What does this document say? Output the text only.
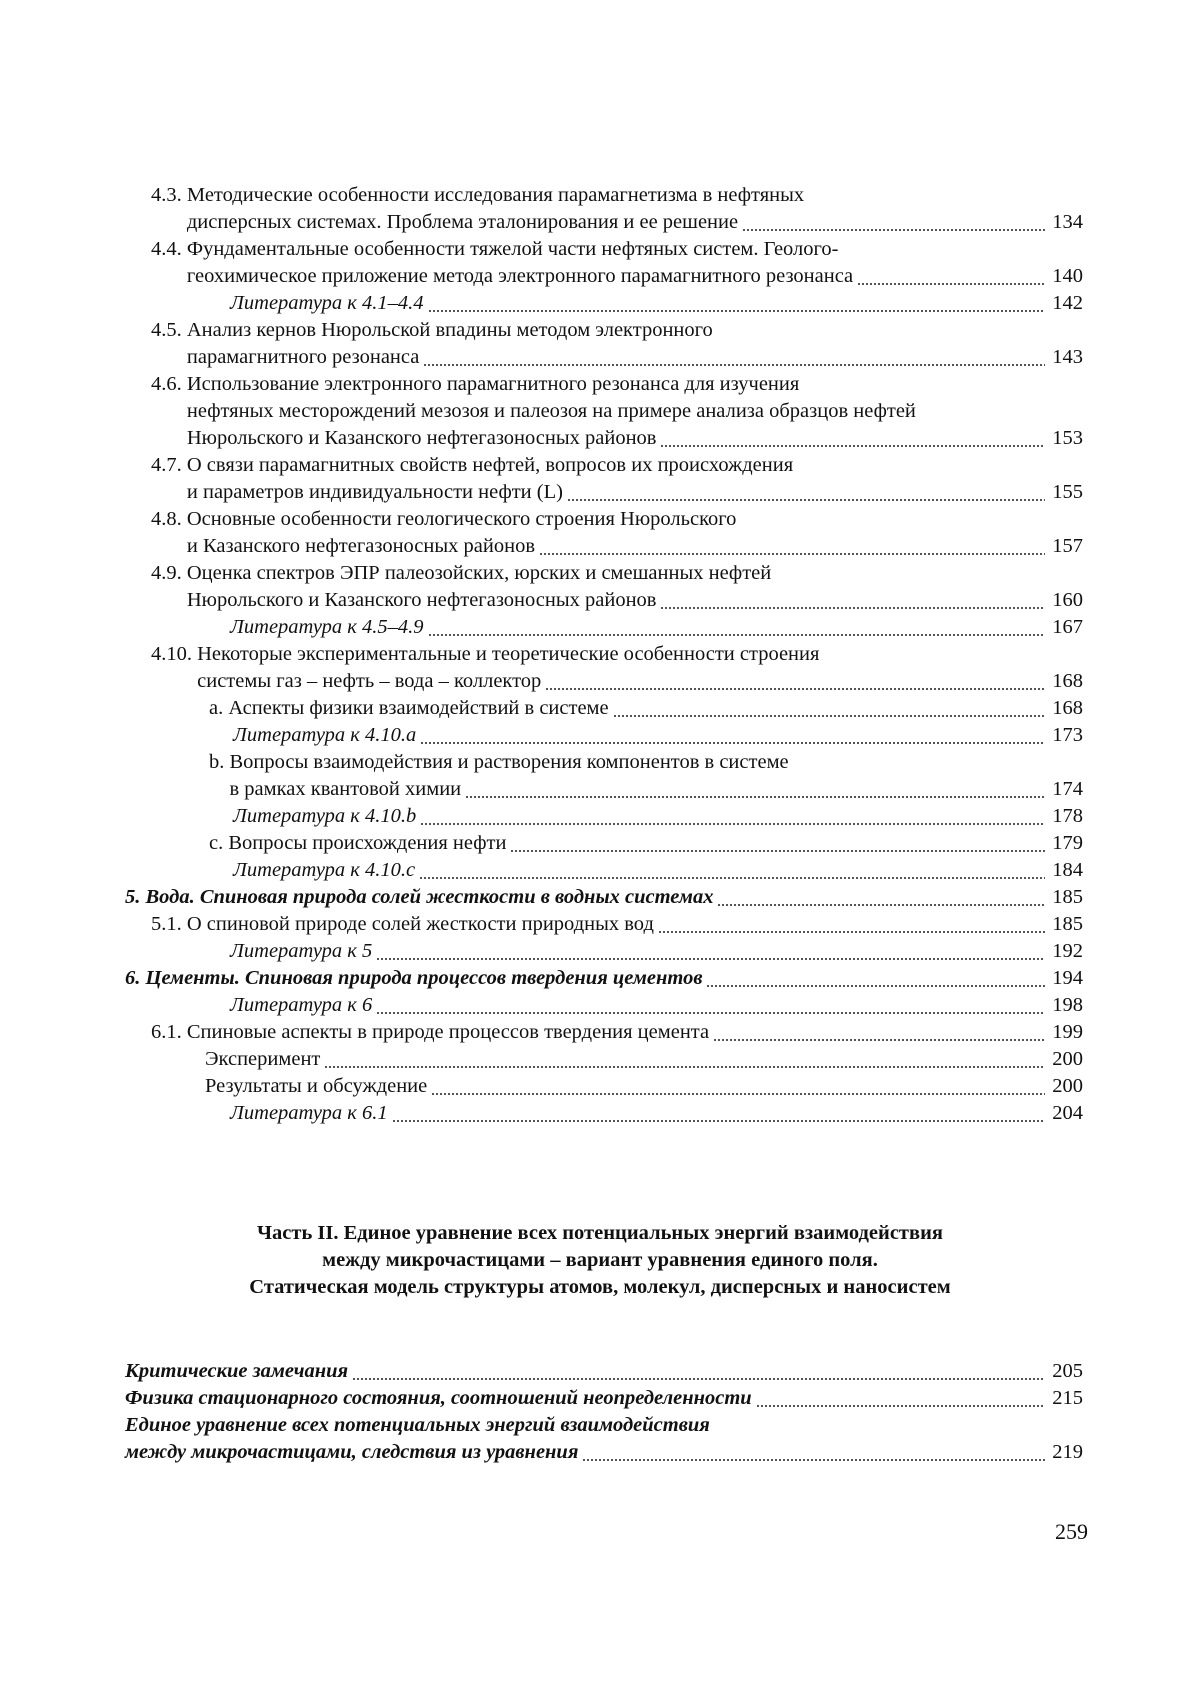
4.3. Методические особенности исследования парамагнетизма в нефтяных
дисперсных системах. Проблема эталонирования и ее решение	134
4.4. Фундаментальные особенности тяжелой части нефтяных систем. Геолого-
геохимическое приложение метода электронного парамагнитного резонанса	140
Литература к 4.1–4.4	142
4.5. Анализ кернов Нюрольской впадины методом электронного
парамагнитного резонанса	143
4.6. Использование электронного парамагнитного резонанса для изучения
нефтяных месторождений мезозоя и палеозоя на примере анализа образцов нефтей
Нюрольского и Казанского нефтегазоносных районов	153
4.7. О связи парамагнитных свойств нефтей, вопросов их происхождения
и параметров индивидуальности нефти (L)	155
4.8. Основные особенности геологического строения Нюрольского
и Казанского нефтегазоносных районов	157
4.9. Оценка спектров ЭПР палеозойских, юрских и смешанных нефтей
Нюрольского и Казанского нефтегазоносных районов	160
Литература к 4.5–4.9	167
4.10. Некоторые экспериментальные и теоретические особенности строения
системы газ – нефть – вода – коллектор	168
a. Аспекты физики взаимодействий в системе	168
Литература к 4.10.a	173
b. Вопросы взаимодействия и растворения компонентов в системе
в рамках квантовой химии	174
Литература к 4.10.b	178
c. Вопросы происхождения нефти	179
Литература к 4.10.c	184
5. Вода. Спиновая природа солей жесткости в водных системах	185
5.1. О спиновой природе солей жесткости природных вод	185
Литература к 5	192
6. Цементы. Спиновая природа процессов твердения цементов	194
Литература к 6	198
6.1. Спиновые аспекты в природе процессов твердения цемента	199
Эксперимент	200
Результаты и обсуждение	200
Литература к 6.1	204
Часть II. Единое уравнение всех потенциальных энергий взаимодействия
между микрочастицами – вариант уравнения единого поля.
Статическая модель структуры атомов, молекул, дисперсных и наносистем
Критические замечания	205
Физика стационарного состояния, соотношений неопределенности	215
Единое уравнение всех потенциальных энергий взаимодействия
между микрочастицами, следствия из уравнения	219
259
